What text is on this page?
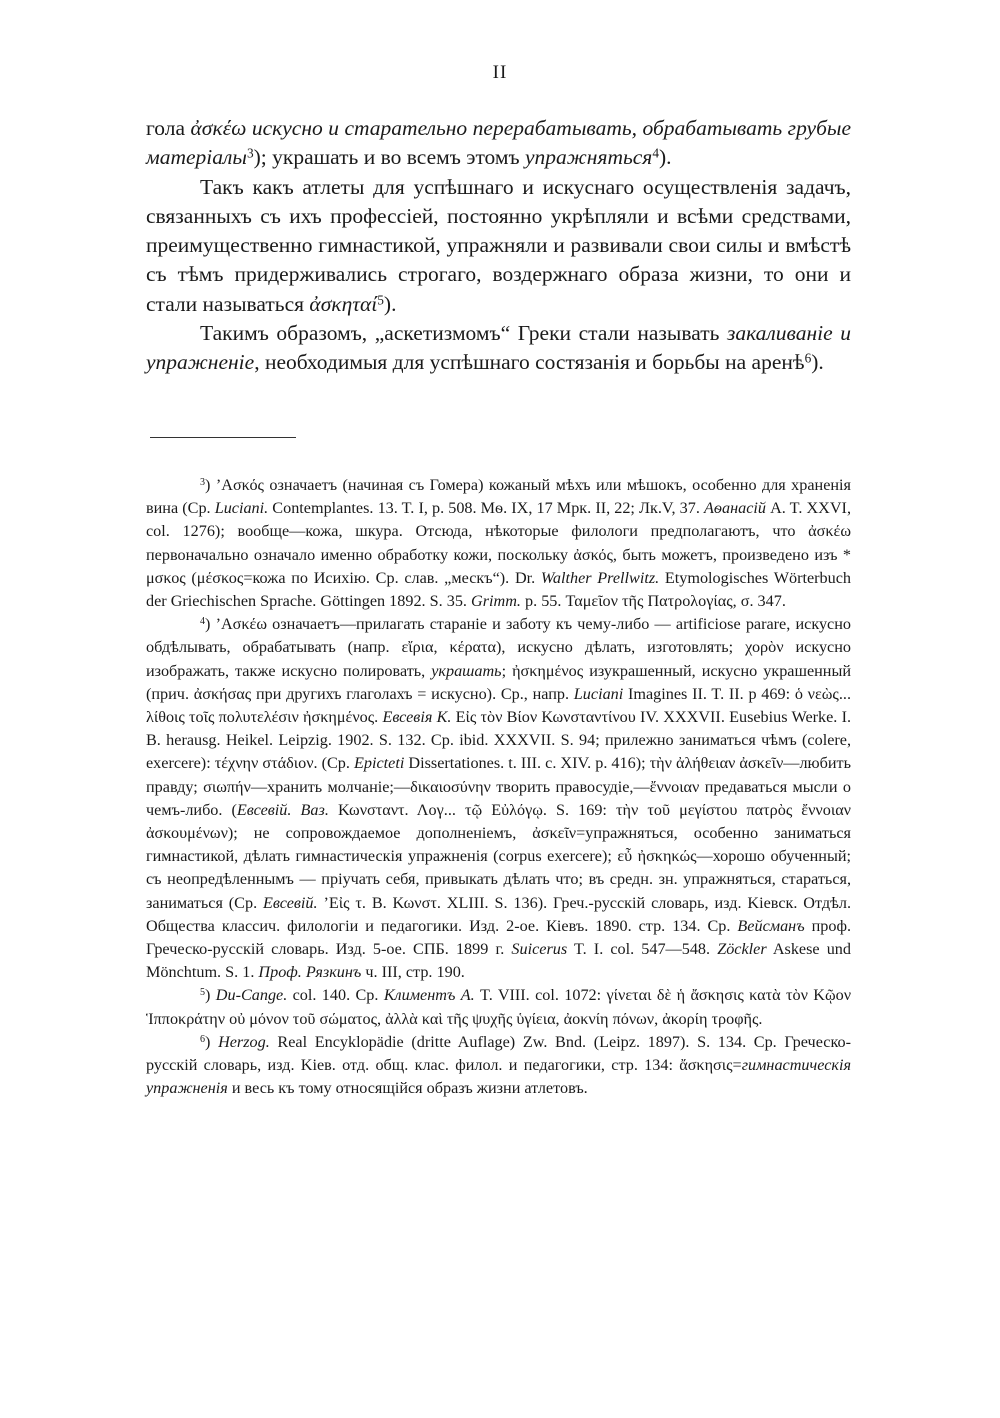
II

гола ἀσκέω искусно и старательно перерабатывать, обрабатывать грубые матеріалы$^3$); украшать и во всемъ этомъ упражняться$^4$).

Такъ какъ атлеты для успѣшнаго и искуснаго осуществленія задачъ, связанныхъ съ ихъ профессіей, постоянно укрѣпляли и всѣми средствами, преимущественно гимнастикой, упражняли и развивали свои силы и вмѣстѣ съ тѣмъ придерживались строгаго, воздержнаго образа жизни, то они и стали называться ἀσκηταί$^5$).

Такимъ образомъ, „аскетизмомъ“ Греки стали называть закаливаніе и упражненіе, необходимыя для успѣшнаго состязанія и борьбы на аренѣ$^6$).

$^3$) ’Ασκός означаетъ (начиная съ Гомера) кожаный мѣхъ или мѣшокъ, особенно для храненія вина (Ср. Luciani. Contemplantes. 13. T. I, p. 508. Мѳ. IX, 17 Мрк. II, 22; Лк.V, 37. Аѳанасій A. T. XXVI, col. 1276); вообще—кожа, шкура. Отсюда, нѣкоторые филологи предполагаютъ, что ἀσκέω первоначально означало именно обработку кожи, поскольку ἀσκός, быть можетъ, произведено изъ * μσκος (μέσκος=кожа по Исихію. Ср. слав. „мескъ“). Dr. Walther Prellwitz. Etymologisches Wörterbuch der Griechischen Sprache. Göttingen 1892. S. 35. Grimm. p. 55. Ταμεῖον τῆς Πατρολογίας, σ. 347.

$^4$) ’Ασκέω означаетъ—прилагать стараніе и заботу къ чему-либо — artificiose parare, искусно обдѣлывать, обрабатывать (напр. εἴρια, κέρατα), искусно дѣлать, изготовлять; χορὸν искусно изображать, также искусно полировать, украшать; ἠσκημένος изукрашенный, искусно украшенный (прич. ἀσκήσας при другихъ глаголахъ = искусно). Ср., напр. Luciani Imagines II. T. II. p 469: ὁ νεὼς... λίθοις τοῖς πολυτελέσιν ἠσκημένος. Евсевія К. Εἰς τὸν Βίον Κωνσταντίνου IV. XXXVII. Eusebius Werke. I. B. herausg. Heikel. Leipzig. 1902. S. 132. Ср. ibid. XXXVII. S. 94; прилежно заниматься чѣмъ (colere, exercere): τέχνην στάδιον. (Ср. Epicteti Dissertationes. t. III. c. XIV. p. 416); τὴν ἀλήθειαν ἀσκεῖν—любить правду; σιωπήν—хранить молчаніе;—δικαιοσύνην творить правосудіе,—ἔννοιαν предаваться мысли о чемъ-либо. (Евсевій. Ваз. Κωνσταντ. Λογ... τῷ Εὐλόγῳ. S. 169: τὴν τοῦ μεγίστου πατρὸς ἔννοιαν ἀσκουμένων); не сопровождаемое дополненіемъ, ἀσκεῖν=упражняться, особенно заниматься гимнастикой, дѣлать гимнастическія упражненія (corpus exercere); εὖ ἠσκηκώς—хорошо обученный; съ неопредѣленнымъ — пріучать себя, привыкать дѣлать что; въ средн. зн. упражняться, стараться, заниматься (Ср. Евсевій. ’Εἰς τ. В. Κωνστ. XLIII. S. 136). Греч.-русскій словарь, изд. Kiевск. Отдѣл. Общества классич. филологіи и педагогики. Изд. 2-ое. Кіевъ. 1890. стр. 134. Ср. Вейсманъ проф. Греческо-русскій словарь. Изд. 5-ое. СПБ. 1899 г. Suicerus T. I. col. 547—548. Zöckler Askese und Mönchtum. S. 1. Проф. Рязкинъ ч. III, стр. 190.

$^5$) Du-Cange. col. 140. Ср. Климентъ А. T. VIII. col. 1072: γίνεται δὲ ἡ ἄσκησις κατὰ τὸν Κῷον Ἱπποκράτην οὐ μόνον τοῦ σώματος, ἀλλὰ καὶ τῆς ψυχῆς ὑγίεια, ἀοκνίη πόνων, ἀκορίη τροφῆς.

$^6$) Herzog. Real Encyklopädie (dritte Auflage) Zw. Bnd. (Leipz. 1897). S. 134. Ср. Греческо-русскій словарь, изд. Kiев. отд. общ. клас. филол. и педагогики, стр. 134: ἄσκησις=гимнастическія упражненія и весь къ тому относящійся образъ жизни атлетовъ.
